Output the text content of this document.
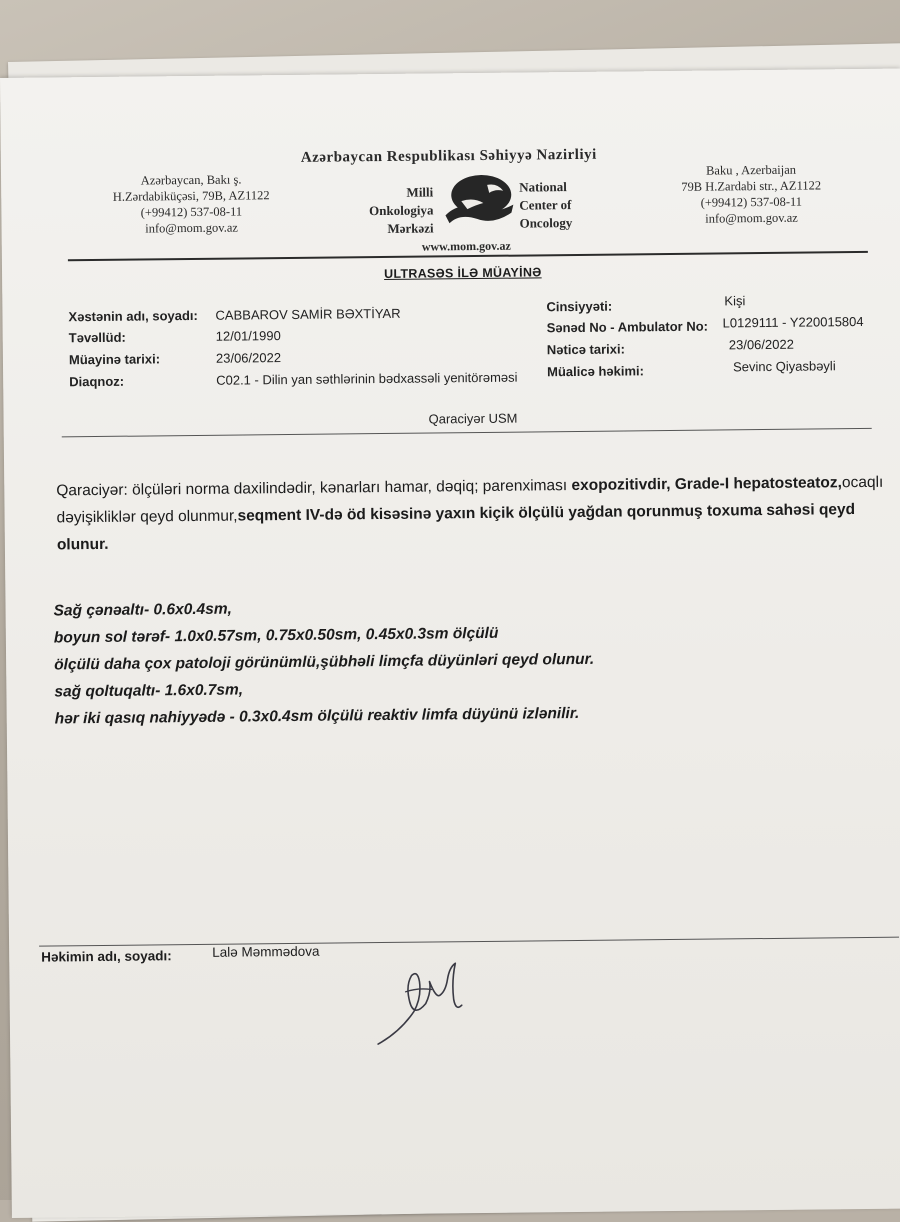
Azərbaycan Respublikası Səhiyyə Nazirliyi
Azərbaycan, Bakı ş.
H.Zərdabiküçəsi, 79B, AZ1122
(+99412) 537-08-11
info@mom.gov.az
Milli
Onkologiya
Mərkəzi
National
Center of
Oncology
Baku , Azerbaijan
79B H.Zardabi str., AZ1122
(+99412) 537-08-11
info@mom.gov.az
www.mom.gov.az
ULTRASƏS İLƏ MÜAYİNƏ
Xəstənin adı, soyadı: CABBAROV SAMİR BƏXTİYAR
Təvəllüd:	12/01/1990
Müayinə tarixi:	23/06/2022
Diaqnoz:	C02.1 - Dilin yan səthlərinin bədxassəli yenitörəməsi
Cinsiyyəti:	Kişi
Sənəd No - Ambulator No: L0129111 - Y220015804
Nəticə tarixi:	23/06/2022
Müalicə həkimi:	Sevinc Qiyasbəyli
Qaraciyər USM
Qaraciyər: ölçüləri norma daxilindədir, kənarları hamar, dəqiq; parenximası exopozitivdir, Grade-I hepatosteatoz,ocaqlı dəyişikliklər qeyd olunmur,seqment IV-də öd kisəsinə yaxın kiçik ölçülü yağdan qorunmuş toxuma sahəsi qeyd olunur.
Sağ çənəaltı- 0.6x0.4sm,
boyun sol tərəf- 1.0x0.57sm, 0.75x0.50sm, 0.45x0.3sm ölçülü
ölçülü daha çox patoloji görünümlü,şübhəli limçfa düyünləri qeyd olunur.
sağ qoltuqaltı- 1.6x0.7sm,
hər iki qasıq nahiyyədə - 0.3x0.4sm ölçülü reaktiv limfa düyünü izlənilir.
Həkimin adı, soyadı:	Lalə Məmmədova
